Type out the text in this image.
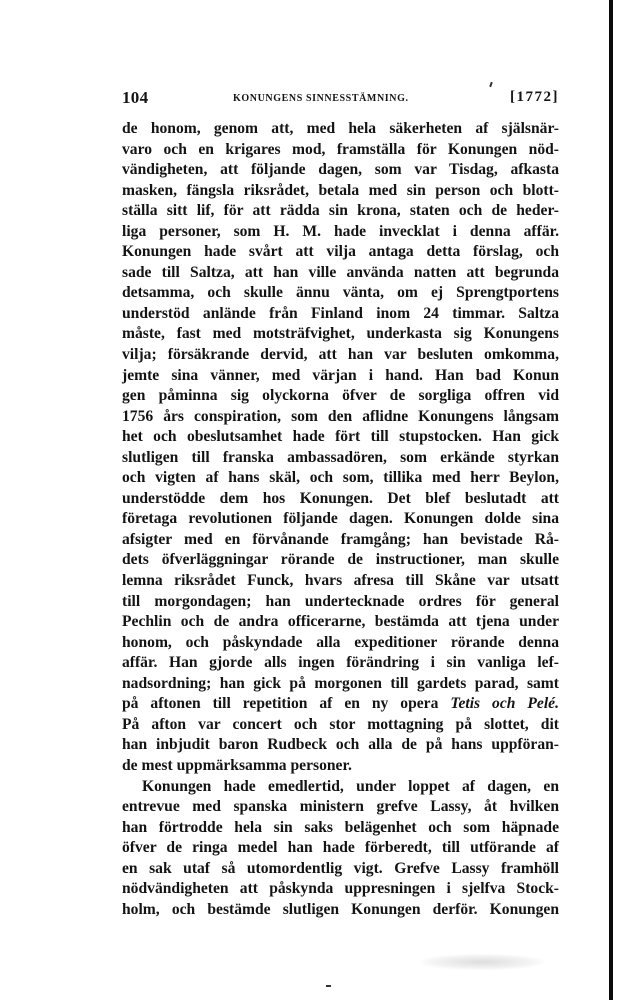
104	KONUNGENS SINNESSTÄMNING.	[1772]
de honom, genom att, med hela säkerheten af själsnär-
varo och en krigares mod, framställa för Konungen nöd-
vändigheten, att följande dagen, som var Tisdag, afkasta
masken, fängsla riksrådet, betala med sin person och blott-
ställa sitt lif, för att rädda sin krona, staten och de heder-
liga personer, som H. M. hade invecklat i denna affär.
Konungen hade svårt att vilja antaga detta förslag, och
sade till Saltza, att han ville använda natten att begrunda
detsamma, och skulle ännu vänta, om ej Sprengtportens
understöd anlände från Finland inom 24 timmar. Saltza
måste, fast med motsträfvighet, underkasta sig Konungens
vilja; försäkrande dervid, att han var besluten omkomma,
jemte sina vänner, med värjan i hand. Han bad Konun
gen påminna sig olyckorna öfver de sorgliga offren vid
1756 års conspiration, som den aflidne Konungens långsam
het och obeslutsamhet hade fört till stupstocken. Han gick
slutligen till franska ambassadören, som erkände styrkan
och vigten af hans skäl, och som, tillika med herr Beylon,
understödde dem hos Konungen. Det blef beslutadt att
företaga revolutionen följande dagen. Konungen dolde sina
afsigter med en förvånande framgång; han bevistade Rå-
dets öfverläggningar rörande de instructioner, man skulle
lemna riksrådet Funck, hvars afresa till Skåne var utsatt
till morgondagen; han undertecknade ordres för general
Pechlin och de andra officerarne, bestämda att tjena under
honom, och påskyndade alla expeditioner rörande denna
affär. Han gjorde alls ingen förändring i sin vanliga lef-
nadsordning; han gick på morgonen till gardets parad, samt
på aftonen till repetition af en ny opera Tetis och Pelé.
På afton var concert och stor mottagning på slottet, dit
han inbjudit baron Rudbeck och alla de på hans uppföran-
de mest uppmärksamma personer.
Konungen hade emedlertid, under loppet af dagen, en
entrevue med spanska ministern grefve Lassy, åt hvilken
han förtrodde hela sin saks belägenhet och som häpnade
öfver de ringa medel han hade förberedt, till utförande af
en sak utaf så utomordentlig vigt. Grefve Lassy framhöll
nödvändigheten att påskynda uppresningen i sjelfva Stock-
holm, och bestämde slutligen Konungen derför. Konungen
